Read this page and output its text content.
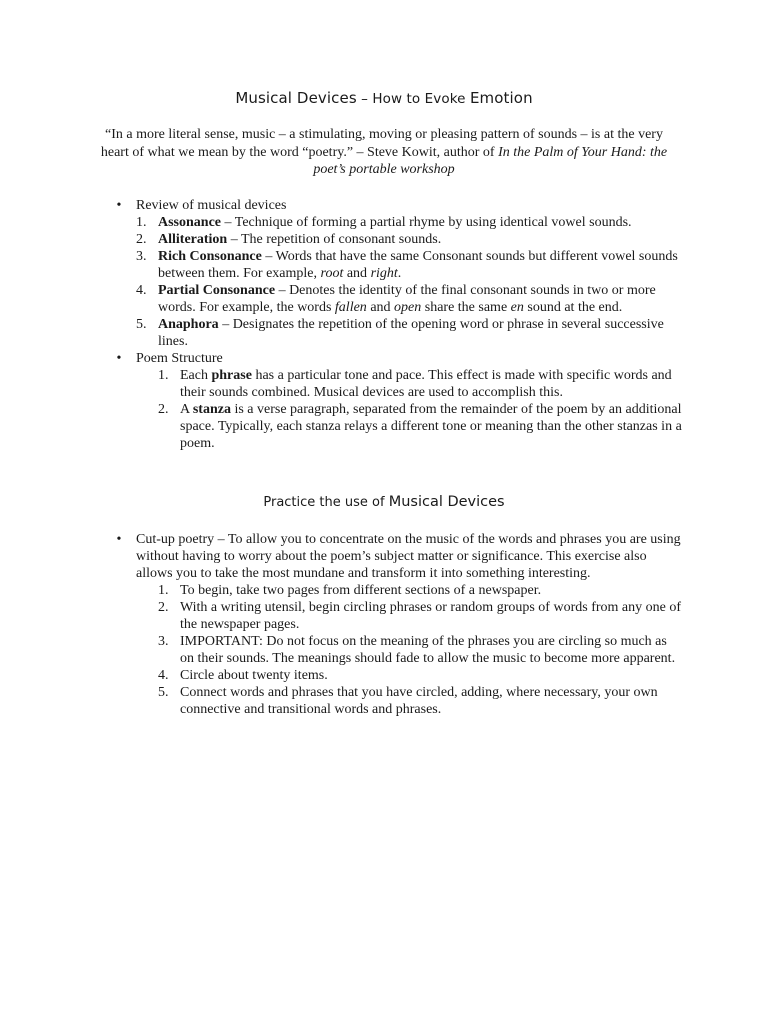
Musical Devices – How to Evoke Emotion
“In a more literal sense, music – a stimulating, moving or pleasing pattern of sounds – is at the very heart of what we mean by the word “poetry.” – Steve Kowit, author of In the Palm of Your Hand: the poet’s portable workshop
•	Review of musical devices
1. Assonance – Technique of forming a partial rhyme by using identical vowel sounds.
2. Alliteration – The repetition of consonant sounds.
3. Rich Consonance – Words that have the same Consonant sounds but different vowel sounds between them. For example, root and right.
4. Partial Consonance – Denotes the identity of the final consonant sounds in two or more words. For example, the words fallen and open share the same en sound at the end.
5. Anaphora – Designates the repetition of the opening word or phrase in several successive lines.
•	Poem Structure
1. Each phrase has a particular tone and pace. This effect is made with specific words and their sounds combined. Musical devices are used to accomplish this.
2. A stanza is a verse paragraph, separated from the remainder of the poem by an additional space. Typically, each stanza relays a different tone or meaning than the other stanzas in a poem.
Practice the use of Musical Devices
•	Cut-up poetry – To allow you to concentrate on the music of the words and phrases you are using without having to worry about the poem’s subject matter or significance. This exercise also allows you to take the most mundane and transform it into something interesting.
1. To begin, take two pages from different sections of a newspaper.
2. With a writing utensil, begin circling phrases or random groups of words from any one of the newspaper pages.
3. IMPORTANT: Do not focus on the meaning of the phrases you are circling so much as on their sounds. The meanings should fade to allow the music to become more apparent.
4. Circle about twenty items.
5. Connect words and phrases that you have circled, adding, where necessary, your own connective and transitional words and phrases.
